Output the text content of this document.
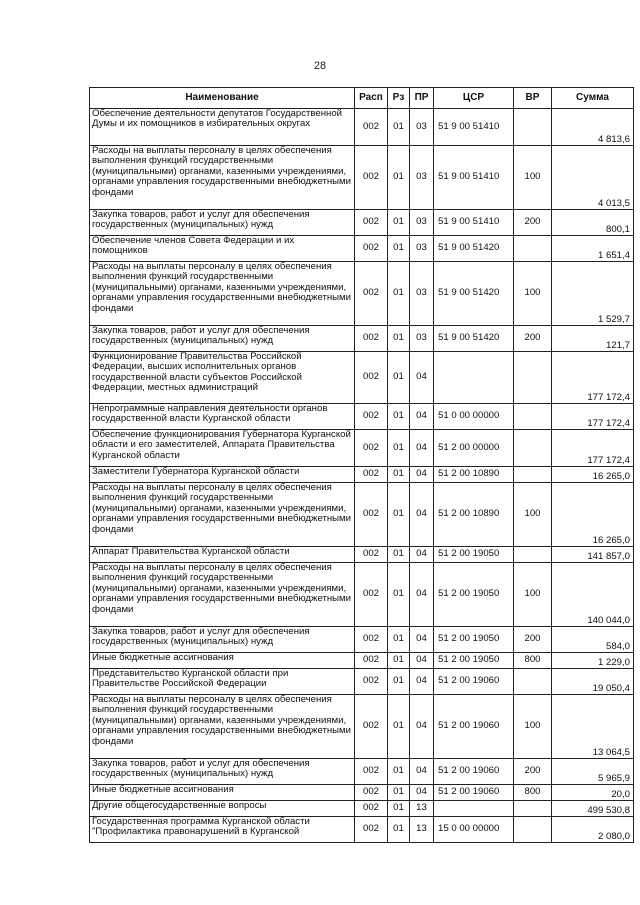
28
Наименование	Расп	Рз	ПР	ЦСР	ВР	Сумма
Обеспечение деятельности депутатов Государственной Думы и их помощников в избирательных округах	002	01	03	51 9 00 51410		4 813,6
Расходы на выплаты персоналу в целях обеспечения выполнения функций государственными (муниципальными) органами, казенными учреждениями, органами управления государственными внебюджетными фондами	002	01	03	51 9 00 51410	100	4 013,5
Закупка товаров, работ и услуг для обеспечения государственных (муниципальных) нужд	002	01	03	51 9 00 51410	200	800,1
Обеспечение членов Совета Федерации и их помощников	002	01	03	51 9 00 51420		1 651,4
Расходы на выплаты персоналу в целях обеспечения выполнения функций государственными (муниципальными) органами, казенными учреждениями, органами управления государственными внебюджетными фондами	002	01	03	51 9 00 51420	100	1 529,7
Закупка товаров, работ и услуг для обеспечения государственных (муниципальных) нужд	002	01	03	51 9 00 51420	200	121,7
Функционирование Правительства Российской Федерации, высших исполнительных органов государственной власти субъектов Российской Федерации, местных администраций	002	01	04			177 172,4
Непрограммные направления деятельности органов государственной власти Курганской области	002	01	04	51 0 00 00000		177 172,4
Обеспечение функционирования Губернатора Курганской области и его заместителей, Аппарата Правительства Курганской области	002	01	04	51 2 00 00000		177 172,4
Заместители Губернатора Курганской области	002	01	04	51 2 00 10890		16 265,0
Расходы на выплаты персоналу в целях обеспечения выполнения функций государственными (муниципальными) органами, казенными учреждениями, органами управления государственными внебюджетными фондами	002	01	04	51 2 00 10890	100	16 265,0
Аппарат Правительства Курганской области	002	01	04	51 2 00 19050		141 857,0
Расходы на выплаты персоналу в целях обеспечения выполнения функций государственными (муниципальными) органами, казенными учреждениями, органами управления государственными внебюджетными фондами	002	01	04	51 2 00 19050	100	140 044,0
Закупка товаров, работ и услуг для обеспечения государственных (муниципальных) нужд	002	01	04	51 2 00 19050	200	584,0
Иные бюджетные ассигнования	002	01	04	51 2 00 19050	800	1 229,0
Представительство Курганской области при Правительстве Российской Федерации	002	01	04	51 2 00 19060		19 050,4
Расходы на выплаты персоналу в целях обеспечения выполнения функций государственными (муниципальными) органами, казенными учреждениями, органами управления государственными внебюджетными фондами	002	01	04	51 2 00 19060	100	13 064,5
Закупка товаров, работ и услуг для обеспечения государственных (муниципальных) нужд	002	01	04	51 2 00 19060	200	5 965,9
Иные бюджетные ассигнования	002	01	04	51 2 00 19060	800	20,0
Другие общегосударственные вопросы	002	01	13			499 530,8
Государственная программа Курганской области "Профилактика правонарушений в Курганской	002	01	13	15 0 00 00000		2 080,0
